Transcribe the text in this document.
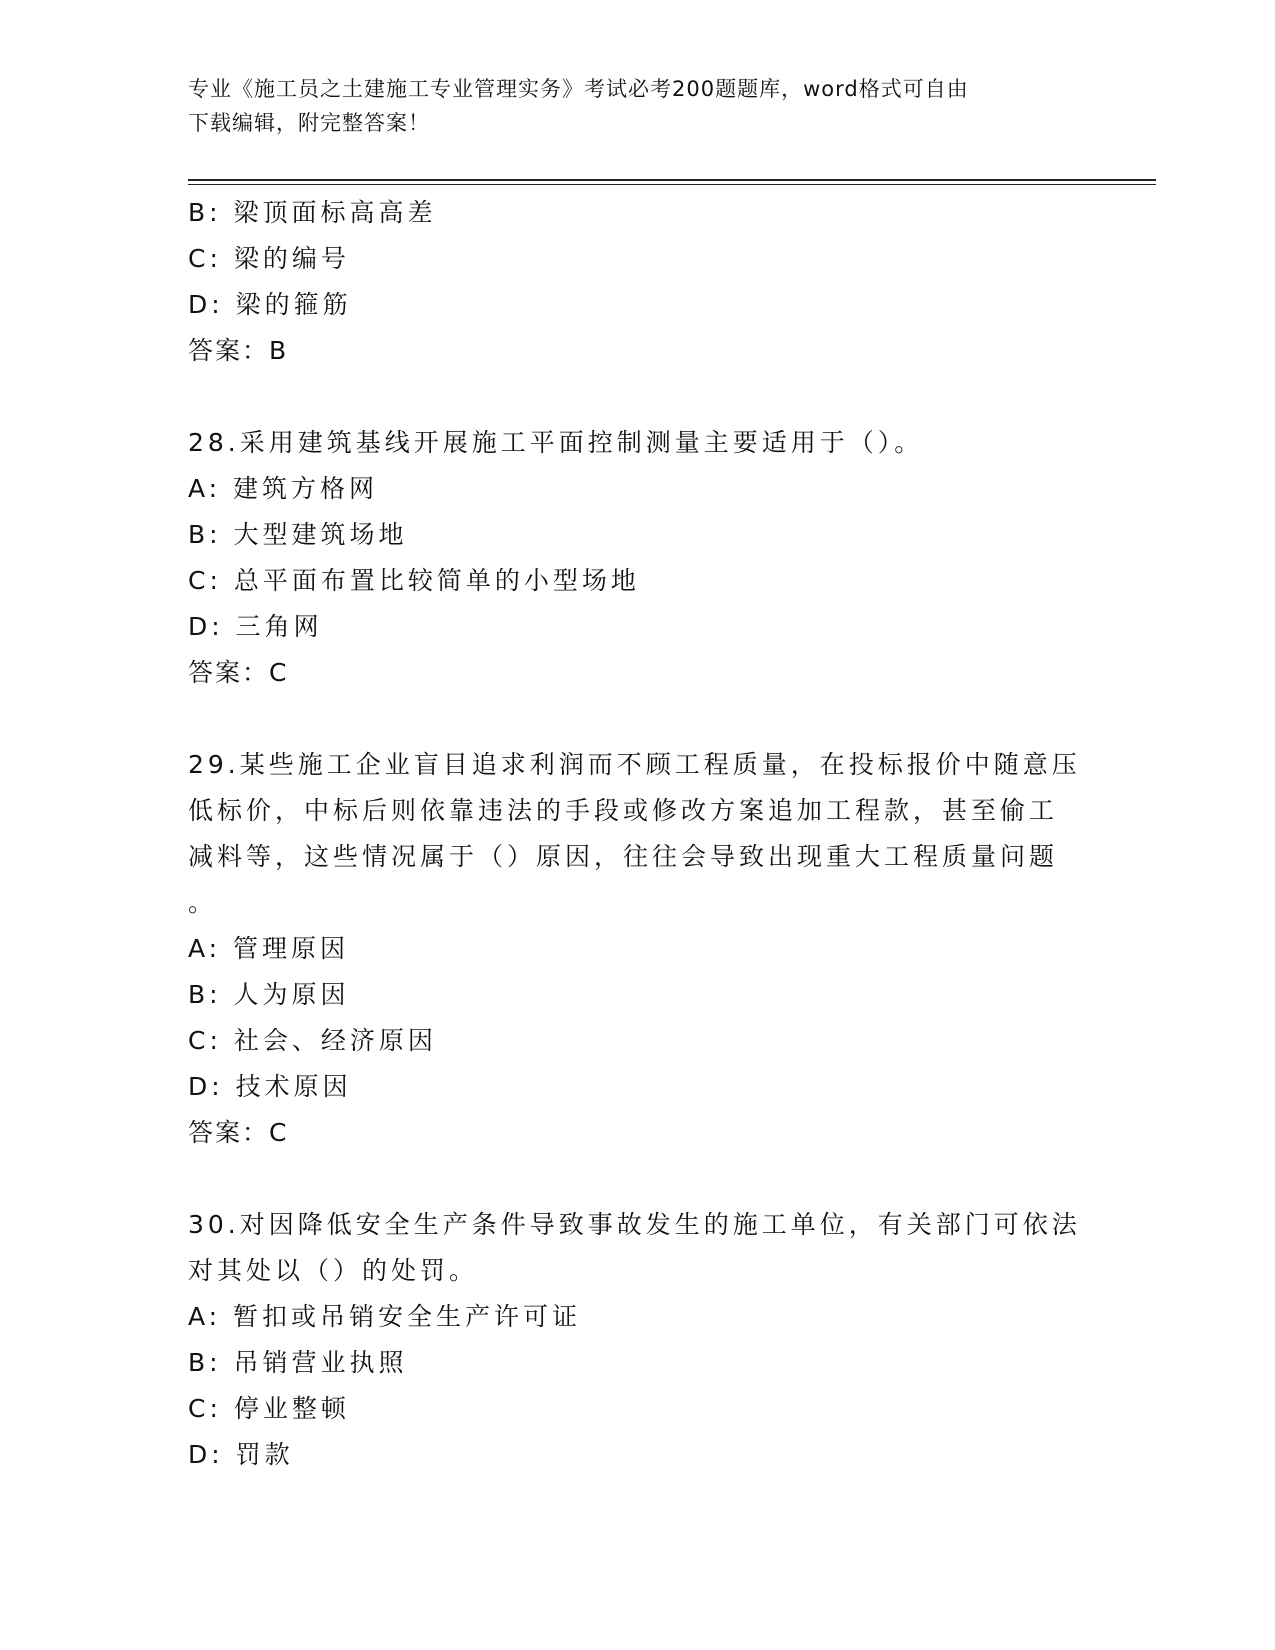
专业《施工员之土建施工专业管理实务》考试必考200题题库，word格式可自由
下载编辑，附完整答案！
B: 梁顶面标高高差
C: 梁的编号
D: 梁的箍筋
答案：B
28.采用建筑基线开展施工平面控制测量主要适用于（）。
A: 建筑方格网
B: 大型建筑场地
C: 总平面布置比较简单的小型场地
D: 三角网
答案：C
29.某些施工企业盲目追求利润而不顾工程质量，在投标报价中随意压
低标价，中标后则依靠违法的手段或修改方案追加工程款，甚至偷工
减料等，这些情况属于（）原因，往往会导致出现重大工程质量问题
。
A: 管理原因
B: 人为原因
C: 社会、经济原因
D: 技术原因
答案：C
30.对因降低安全生产条件导致事故发生的施工单位，有关部门可依法
对其处以（）的处罚。
A: 暂扣或吊销安全生产许可证
B: 吊销营业执照
C: 停业整顿
D: 罚款
